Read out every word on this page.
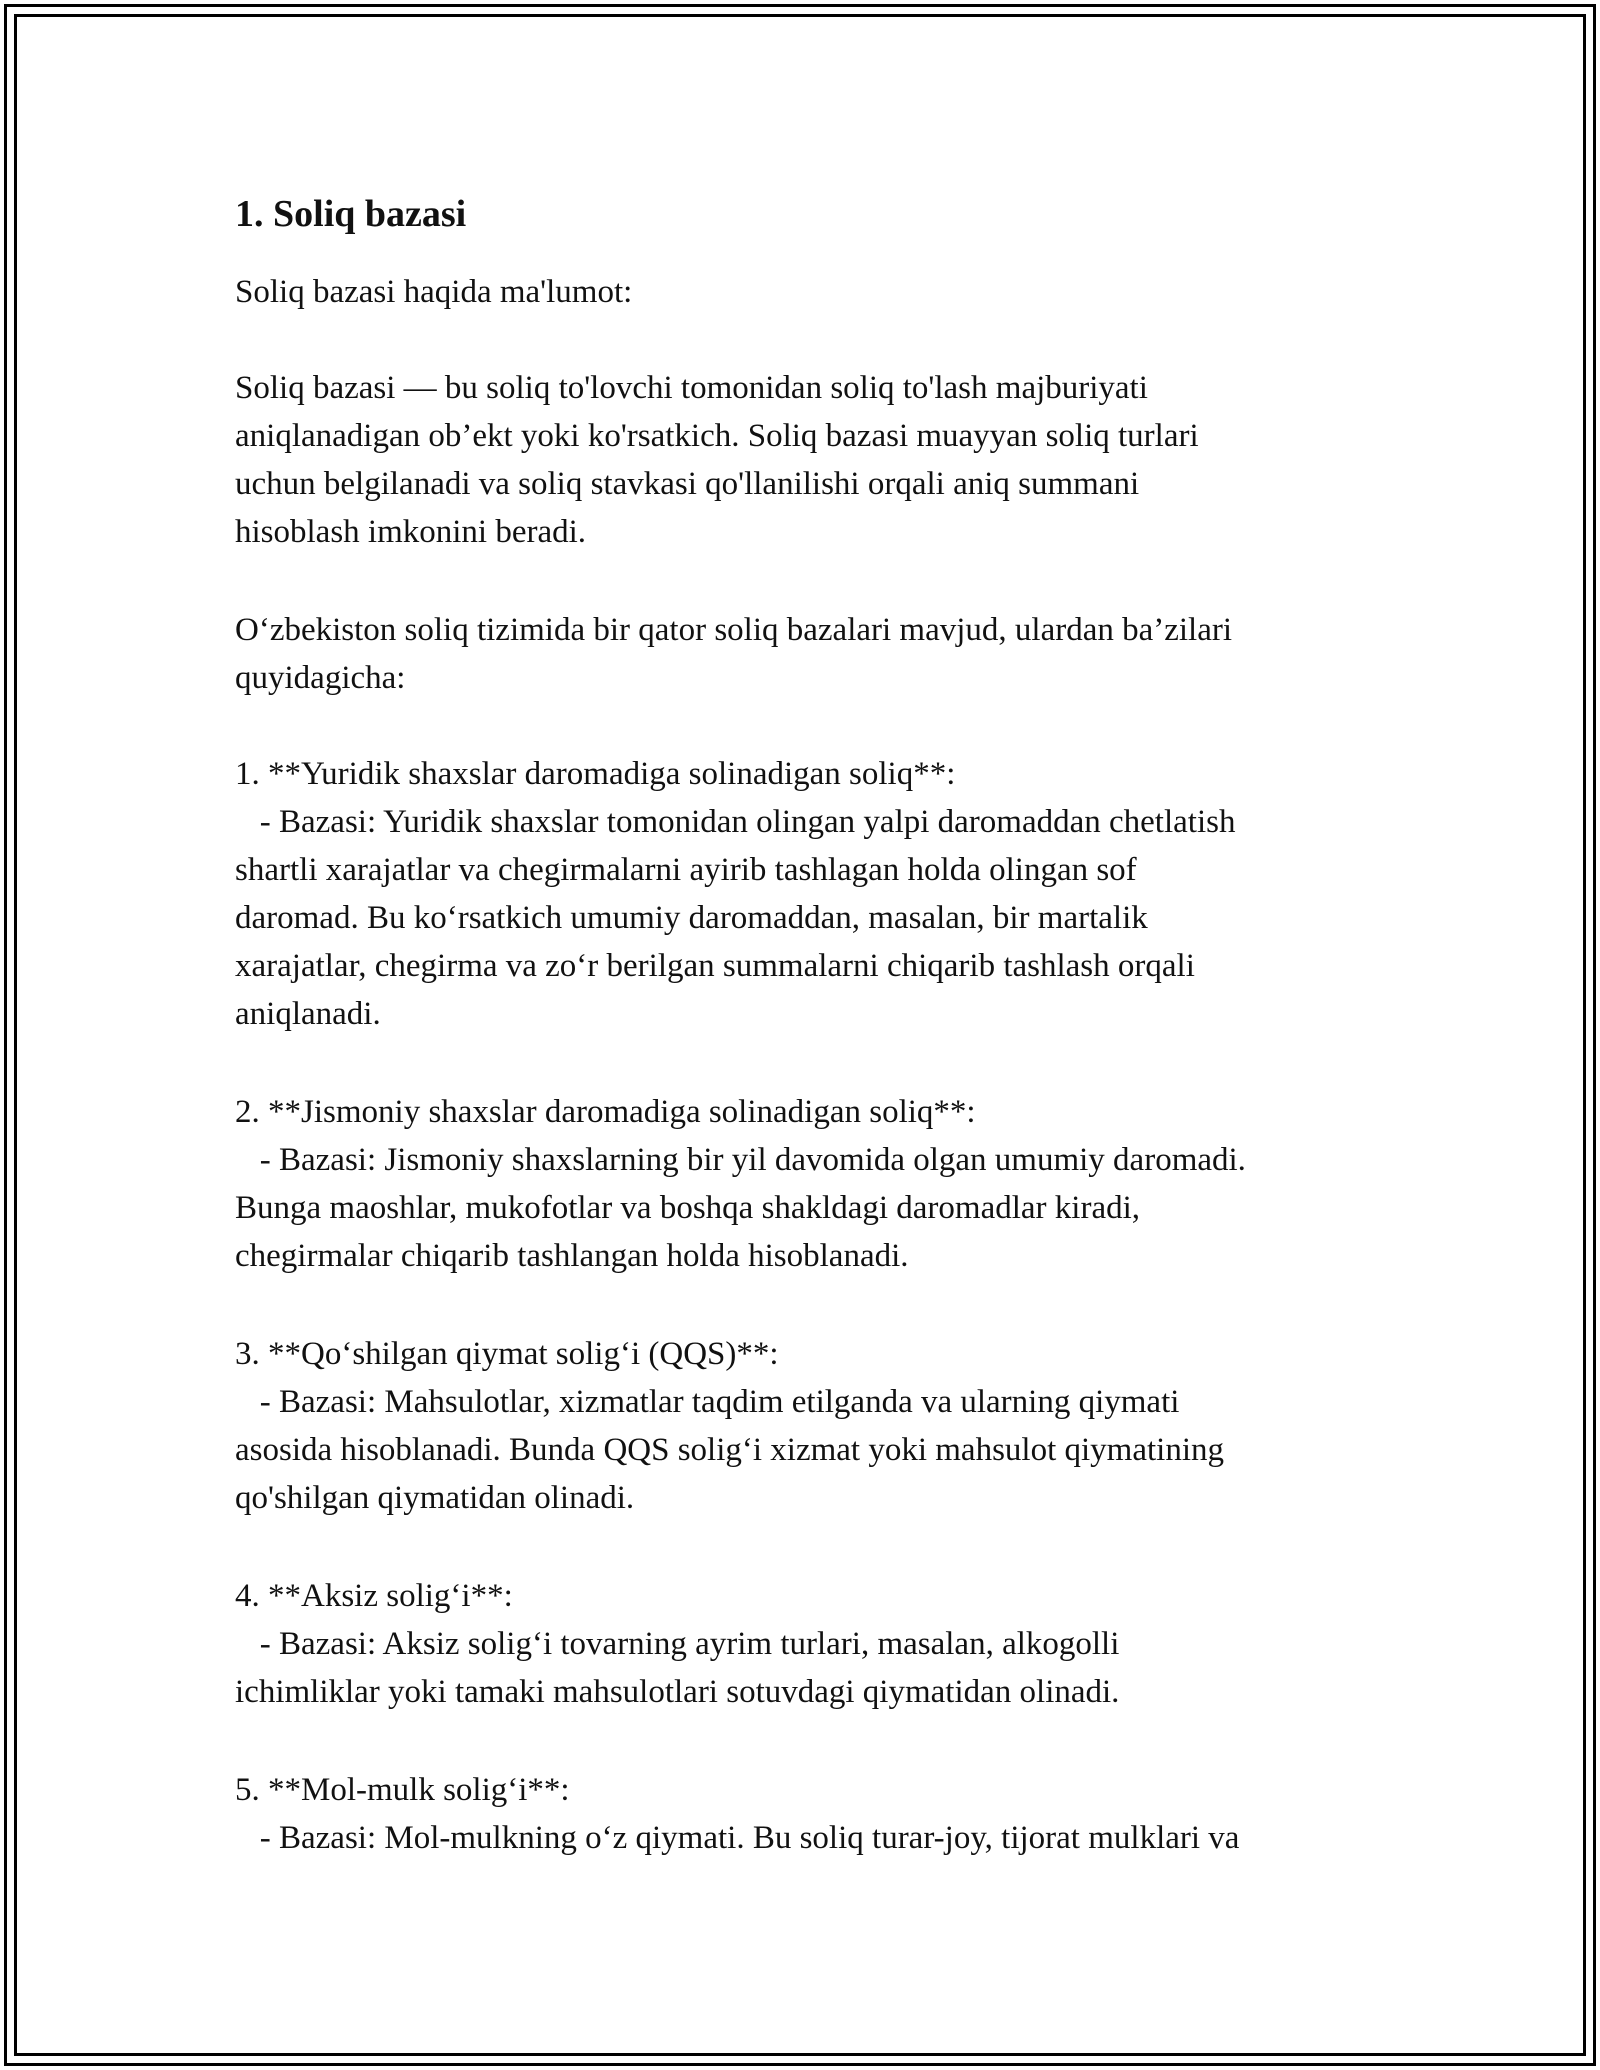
1. Soliq bazasi
Soliq bazasi haqida ma'lumot:
Soliq bazasi — bu soliq to'lovchi tomonidan soliq to'lash majburiyati
aniqlanadigan ob’ekt yoki ko'rsatkich. Soliq bazasi muayyan soliq turlari
uchun belgilanadi va soliq stavkasi qo'llanilishi orqali aniq summani
hisoblash imkonini beradi.
O‘zbekiston soliq tizimida bir qator soliq bazalari mavjud, ulardan ba’zilari
quyidagicha:
1. **Yuridik shaxslar daromadiga solinadigan soliq**:
- Bazasi: Yuridik shaxslar tomonidan olingan yalpi daromaddan chetlatish
shartli xarajatlar va chegirmalarni ayirib tashlagan holda olingan sof
daromad. Bu ko‘rsatkich umumiy daromaddan, masalan, bir martalik
xarajatlar, chegirma va zo‘r berilgan summalarni chiqarib tashlash orqali
aniqlanadi.
2. **Jismoniy shaxslar daromadiga solinadigan soliq**:
- Bazasi: Jismoniy shaxslarning bir yil davomida olgan umumiy daromadi.
Bunga maoshlar, mukofotlar va boshqa shakldagi daromadlar kiradi,
chegirmalar chiqarib tashlangan holda hisoblanadi.
3. **Qo‘shilgan qiymat solig‘i (QQS)**:
- Bazasi: Mahsulotlar, xizmatlar taqdim etilganda va ularning qiymati
asosida hisoblanadi. Bunda QQS solig‘i xizmat yoki mahsulot qiymatining
qo'shilgan qiymatidan olinadi.
4. **Aksiz solig‘i**:
- Bazasi: Aksiz solig‘i tovarning ayrim turlari, masalan, alkogolli
ichimliklar yoki tamaki mahsulotlari sotuvdagi qiymatidan olinadi.
5. **Mol-mulk solig‘i**:
- Bazasi: Mol-mulkning o‘z qiymati. Bu soliq turar-joy, tijorat mulklari va
